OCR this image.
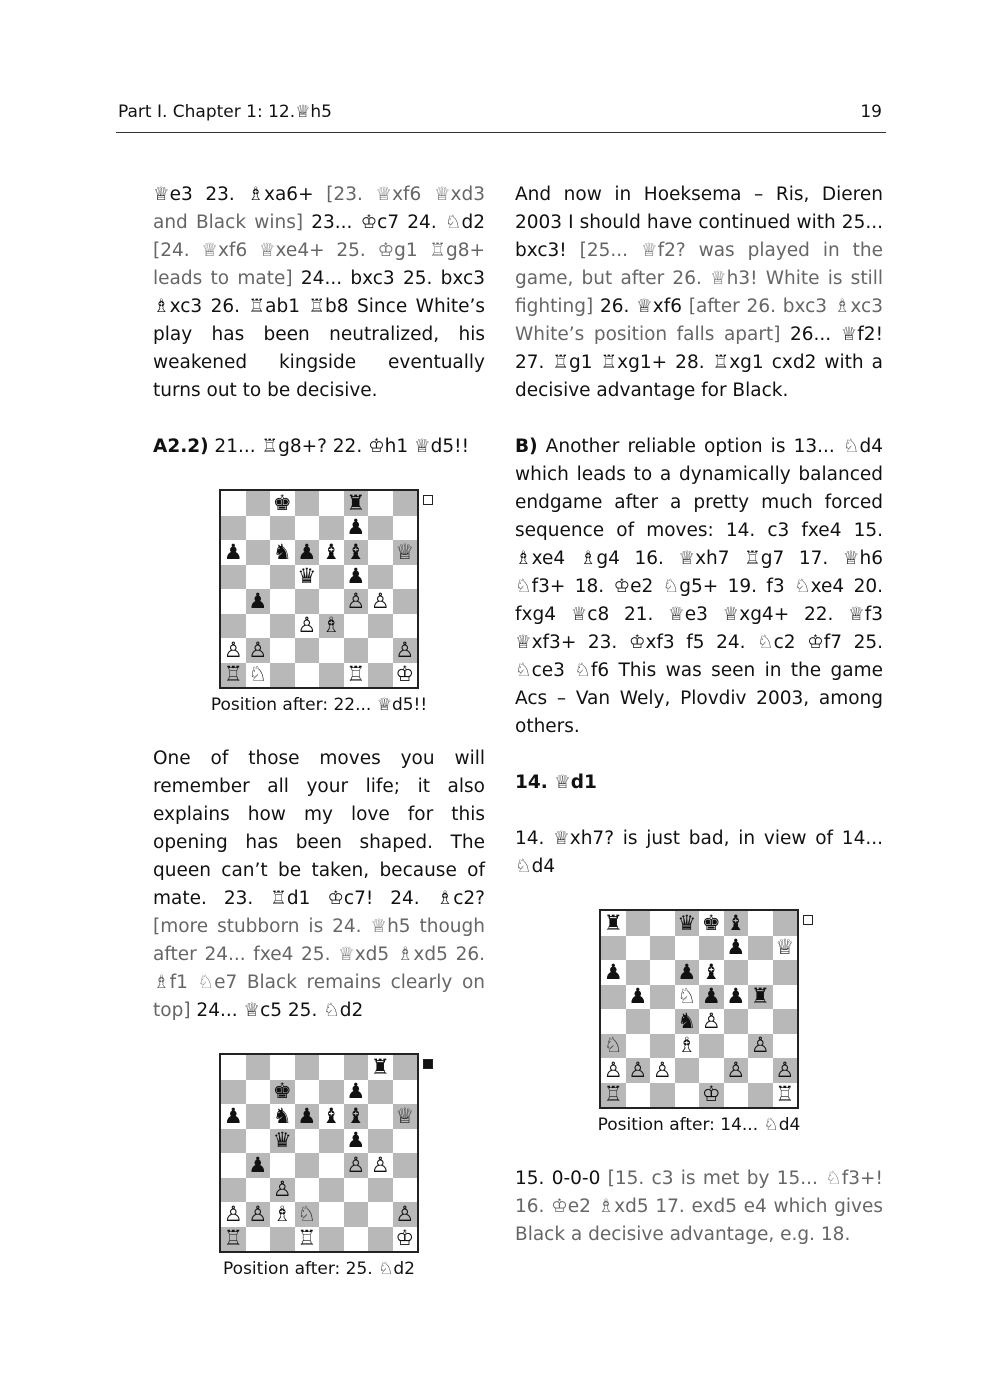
Part I. Chapter 1: 12.♕h5	19

♕e3 23. ♗xa6+ [23. ♕xf6 ♕xd3 and Black wins] 23... ♔c7 24. ♘d2 [24. ♕xf6 ♕xe4+ 25. ♔g1 ♖g8+ leads to mate] 24... bxc3 25. bxc3 ♗xc3 26. ♖ab1 ♖b8 Since White’s play has been neutralized, his weakened kingside eventually turns out to be decisive.

A2.2) 21... ♖g8+? 22. ♔h1 ♕d5!!

♚	♜
♟
♟ ♞ ♟ ♝ ♝ ♕
♛ ♟
♟	♙ ♙
♙ ♗
♙ ♙	♙
♖ ♘	♖ ♔
Position after: 22... ♕d5!!

One of those moves you will remember all your life; it also explains how my love for this opening has been shaped. The queen can’t be taken, because of mate. 23. ♖d1 ♔c7! 24. ♗c2? [more stubborn is 24. ♕h5 though after 24... fxe4 25. ♕xd5 ♗xd5 26. ♗f1 ♘e7 Black remains clearly on top] 24... ♕c5 25. ♘d2

♜
♚	♟
♟ ♞ ♟ ♝ ♝ ♕
♛	♟
♟	♙ ♙
♙
♙ ♙ ♗ ♘	♙
♖	♖	♔
Position after: 25. ♘d2

And now in Hoeksema – Ris, Dieren 2003 I should have continued with 25... bxc3! [25... ♕f2? was played in the game, but after 26. ♕h3! White is still fighting] 26. ♕xf6 [after 26. bxc3 ♗xc3 White’s position falls apart] 26... ♕f2! 27. ♖g1 ♖xg1+ 28. ♖xg1 cxd2 with a decisive advantage for Black.

B) Another reliable option is 13... ♘d4 which leads to a dynamically balanced endgame after a pretty much forced sequence of moves: 14. c3 fxe4 15. ♗xe4 ♗g4 16. ♕xh7 ♖g7 17. ♕h6 ♘f3+ 18. ♔e2 ♘g5+ 19. f3 ♘xe4 20. fxg4 ♕c8 21. ♕e3 ♕xg4+ 22. ♕f3 ♕xf3+ 23. ♔xf3 f5 24. ♘c2 ♔f7 25. ♘ce3 ♘f6 This was seen in the game Acs – Van Wely, Plovdiv 2003, among others.

14. ♕d1

14. ♕xh7? is just bad, in view of 14... ♘d4

♜	♛ ♚ ♝
♟ ♕
♟	♟ ♝
♟ ♘ ♟ ♟ ♜
♞ ♙
♘	♗	♙
♙ ♙ ♙	♙ ♙
♖	♔	♖
Position after: 14... ♘d4

15. 0-0-0 [15. c3 is met by 15... ♘f3+! 16. ♔e2 ♗xd5 17. exd5 e4 which gives Black a decisive advantage, e.g. 18.
